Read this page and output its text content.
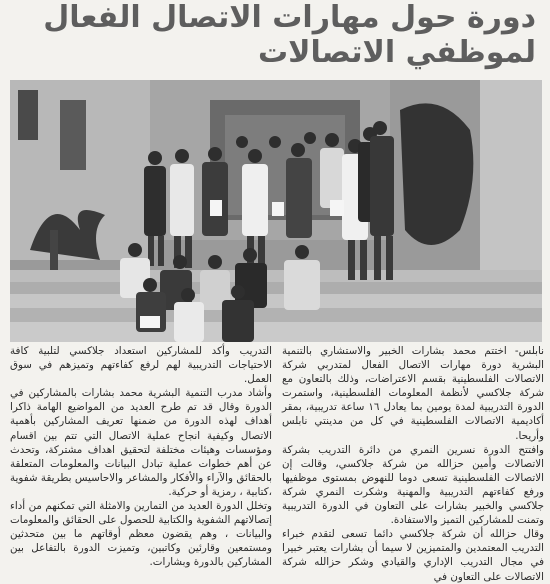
دورة حول مهارات الاتصال الفعال لموظفي الاتصالات

نابلس- اختتم محمد بشارات الخبير والاستشاري بالتنمية البشرية دورة مهارات الاتصال الفعال لمتدربي شركة الاتصالات الفلسطينية بقسم الاعتراضات، وذلك بالتعاون مع شركة جلاكسي لأنظمة المعلومات الفلسطينية، واستمرت الدورة التدريبية لمدة يومين بما يعادل ١٦ ساعة تدريبية، بمقر أكاديمية الاتصالات الفلسطينية في كل من مدينتي نابلس وأريحا.

وافتتح الدورة نسرين النمري من دائرة التدريب بشركة الاتصالات وأمين حزالله من شركة جلاكسي، وقالت إن الاتصالات الفلسطينية تسعى دوما للنهوض بمستوى موظفيها ورفع كفاءتهم التدريبية والمهنية وشكرت النمري شركة جلاكسي والخبير بشارات على التعاون في الدورة التدريبية وتمنت للمشاركين التميز والاستفادة.

وقال حزالله أن شركة جلاكسي دائما تسعى لتقدم خبراء التدريب المعتمدين والمتميزين لا سيما أن بشارات يعتبر خبيرا في مجال التدريب الإداري والقيادي وشكر حزالله شركة الاتصالات على التعاون في

التدريب وأكد للمشاركين استعداد جلاكسي لتلبية كافة الاحتياجات التدريبية لهم لرفع كفاءتهم وتميزهم في سوق العمل.

وأشاد مدرب التنمية البشرية محمد بشارات بالمشاركين في الدورة وقال قد تم طرح العديد من المواضيع الهامة ذاكرا أهداف لهذه الدورة من ضمنها تعريف المشاركين بأهمية الاتصال وكيفية انجاح عملية الاتصال التي تتم بين اقسام ومؤسسات وهيئات مختلفة لتحقيق اهداف مشتركة، وتحدث عن أهم خطوات عملية تبادل البيانات والمعلومات المتعلقة بالحقائق والآراء والأفكار والمشاعر والاحاسيس بطريقة شفوية ،كتابية ، رمزية أو حركية.

وتخلل الدورة العديد من التمارين والامثلة التي تمكنهم من أداء إتصالاتهم الشفوية والكتابية للحصول على الحقائق والمعلومات والبيانات ، وهم يقضون معظم أوقاتهم ما بين متحدثين ومستمعين وقارئين وكاتبين، وتميزت الدورة بالتفاعل بين المشاركين بالدورة وبشارات.
